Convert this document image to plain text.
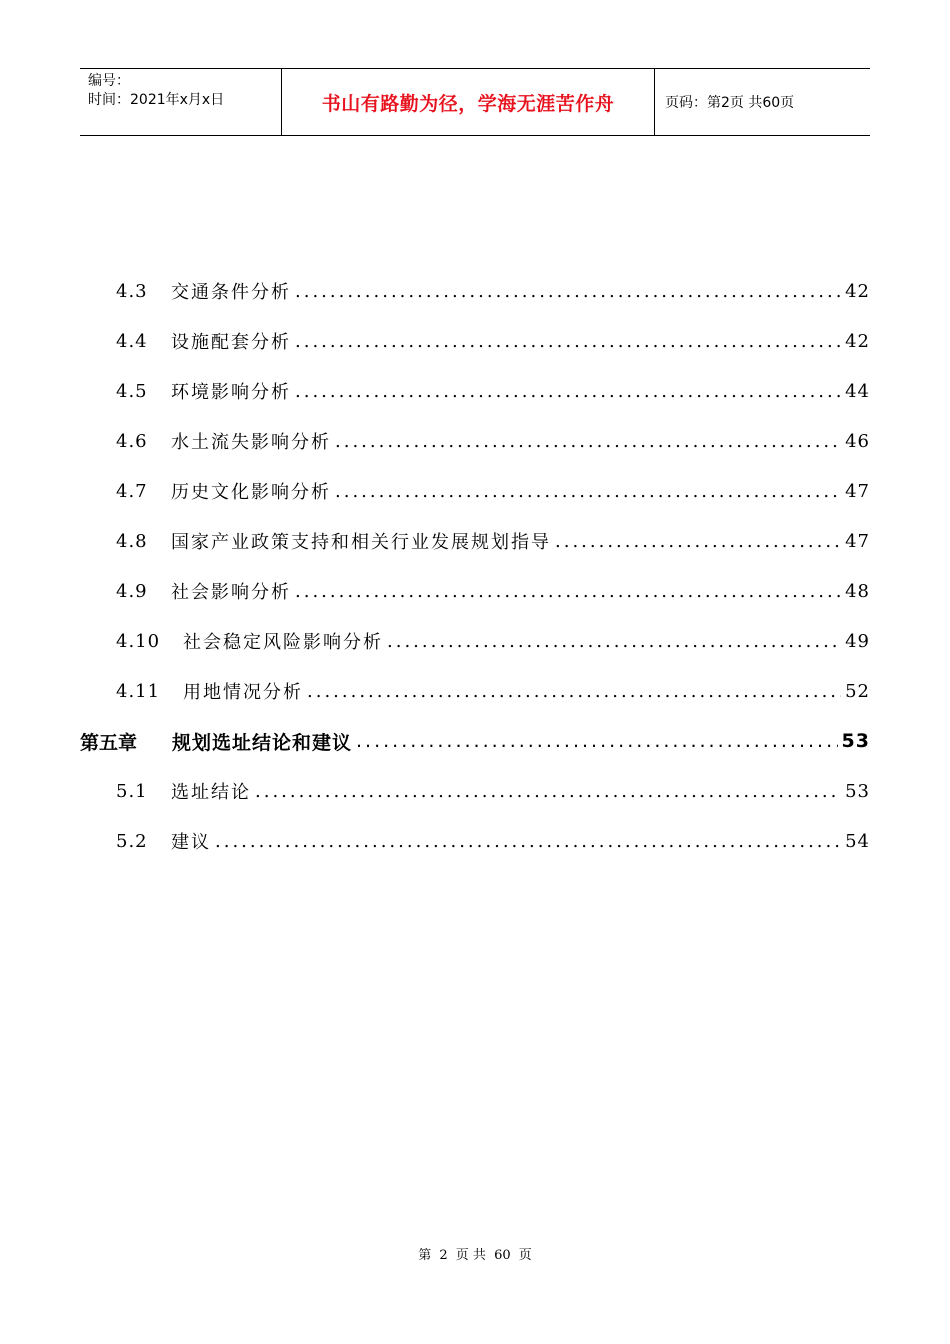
编号：
时间：2021年x月x日	书山有路勤为径，学海无涯苦作舟	页码：第2页 共60页
4.3	交通条件分析 .....	42
4.4	设施配套分析 .....	42
4.5	环境影响分析 .....	44
4.6	水土流失影响分析 .....	46
4.7	历史文化影响分析 .....	47
4.8	国家产业政策支持和相关行业发展规划指导 .....	47
4.9	社会影响分析 .....	48
4.10	社会稳定风险影响分析 .....	49
4.11	用地情况分析 .....	52
第五章	规划选址结论和建议 .....	53
5.1	选址结论 .....	53
5.2	建议 .....	54
第 2 页 共 60 页
